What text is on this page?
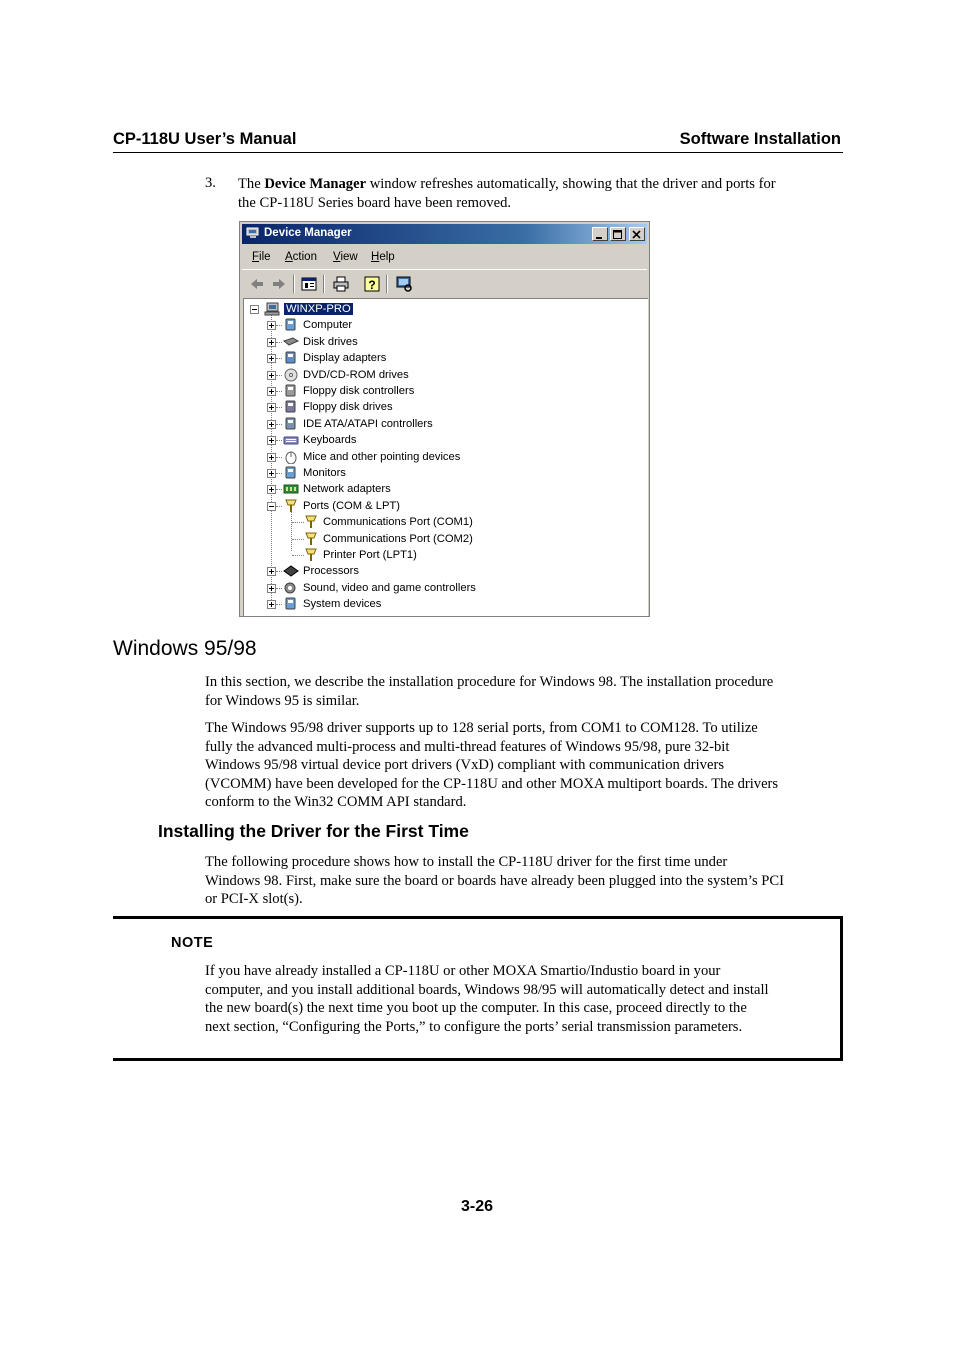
CP-118U User’s Manual	Software Installation
3. The Device Manager window refreshes automatically, showing that the driver and ports for
the CP-118U Series board have been removed.
Device Manager
File Action View Help
?
WINXP-PRO
Computer
Disk drives
Display adapters
DVD/CD-ROM drives
Floppy disk controllers
Floppy disk drives
IDE ATA/ATAPI controllers
Keyboards
Mice and other pointing devices
Monitors
Network adapters
Ports (COM & LPT)
Communications Port (COM1)
Communications Port (COM2)
Printer Port (LPT1)
Processors
Sound, video and game controllers
System devices
Windows 95/98
In this section, we describe the installation procedure for Windows 98. The installation procedure
for Windows 95 is similar.
The Windows 95/98 driver supports up to 128 serial ports, from COM1 to COM128. To utilize
fully the advanced multi-process and multi-thread features of Windows 95/98, pure 32-bit
Windows 95/98 virtual device port drivers (VxD) compliant with communication drivers
(VCOMM) have been developed for the CP-118U and other MOXA multiport boards. The drivers
conform to the Win32 COMM API standard.
Installing the Driver for the First Time
The following procedure shows how to install the CP-118U driver for the first time under
Windows 98. First, make sure the board or boards have already been plugged into the system’s PCI
or PCI-X slot(s).
NOTE
If you have already installed a CP-118U or other MOXA Smartio/Industio board in your
computer, and you install additional boards, Windows 98/95 will automatically detect and install
the new board(s) the next time you boot up the computer. In this case, proceed directly to the
next section, “Configuring the Ports,” to configure the ports’ serial transmission parameters.
3-26
